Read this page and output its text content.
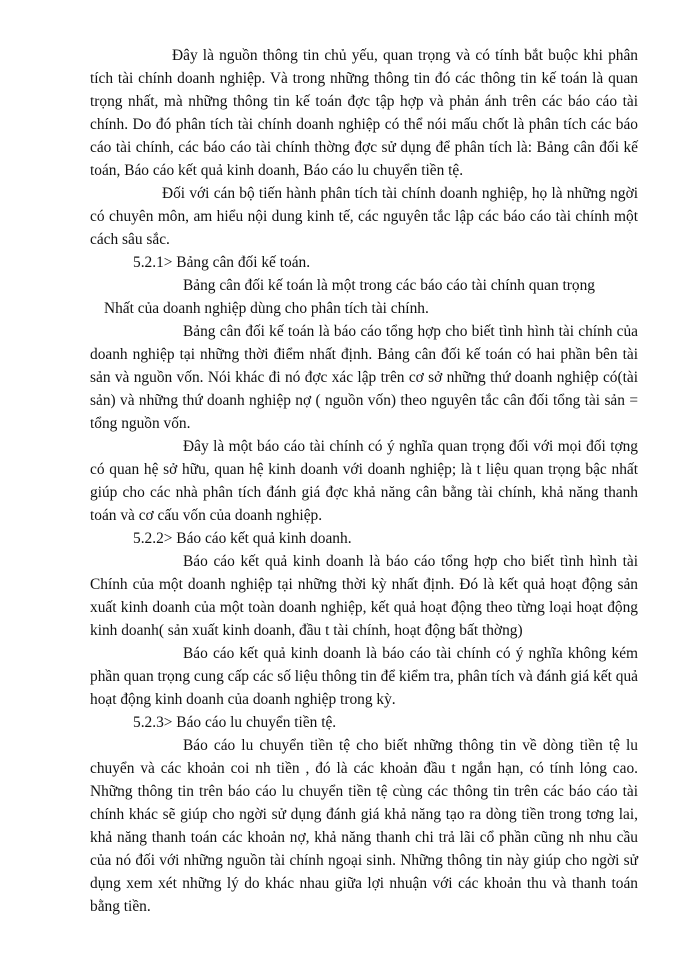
Đây là nguồn thông tin chủ yếu, quan trọng và có tính bắt buộc khi phân tích tài chính doanh nghiệp. Và trong những thông tin đó các thông tin kế toán là quan trọng nhất, mà những thông tin kế toán đợc tập hợp và phản ánh trên các báo cáo tài chính. Do đó phân tích tài chính doanh nghiệp có thể nói mấu chốt là phân tích các báo cáo tài chính, các báo cáo tài chính thờng đợc sử dụng để phân tích là: Bảng cân đối kế toán, Báo cáo kết quả kinh doanh, Báo cáo lu chuyển tiền tệ.

Đối với cán bộ tiến hành phân tích tài chính doanh nghiệp, họ là những ngời có chuyên môn, am hiểu nội dung kinh tế, các nguyên tắc lập các báo cáo tài chính một cách sâu sắc.

5.2.1> Bảng cân đối kế toán.

Bảng cân đối kế toán là một trong các báo cáo tài chính quan trọng

Nhất của doanh nghiệp dùng cho phân tích tài chính.

Bảng cân đối kế toán là báo cáo tổng hợp cho biết tình hình tài chính của doanh nghiệp tại những thời điểm nhất định. Bảng cân đối kế toán có hai phần bên tài sản và nguồn vốn. Nói khác đi nó đợc xác lập trên cơ sở những thứ doanh nghiệp có(tài sản) và những thứ doanh nghiệp nợ ( nguồn vốn) theo nguyên tắc cân đối tổng tài sản = tổng nguồn vốn.

Đây là một báo cáo tài chính có ý nghĩa quan trọng đối với mọi đối tợng có quan hệ sở hữu, quan hệ kinh doanh với doanh nghiệp; là t liệu quan trọng bậc nhất giúp cho các nhà phân tích đánh giá đợc khả năng cân bằng tài chính, khả năng thanh toán và cơ cấu vốn của doanh nghiệp.

5.2.2> Báo cáo kết quả kinh doanh.

Báo cáo kết quả kinh doanh là báo cáo tổng hợp cho biết tình hình tài Chính của một doanh nghiệp tại những thời kỳ nhất định. Đó là kết quả hoạt động sản xuất kinh doanh của một toàn doanh nghiệp, kết quả hoạt động theo từng loại hoạt động kinh doanh( sản xuất kinh doanh, đầu t tài chính, hoạt động bất thờng)

Báo cáo kết quả kinh doanh là báo cáo tài chính có ý nghĩa không kém phần quan trọng cung cấp các số liệu thông tin để kiểm tra, phân tích và đánh giá kết quả hoạt động kinh doanh của doanh nghiệp trong kỳ.

5.2.3> Báo cáo lu chuyển tiền tệ.

Báo cáo lu chuyển tiền tệ cho biết những thông tin về dòng tiền tệ lu chuyển và các khoản coi nh tiền , đó là các khoản đầu t ngắn hạn, có tính lỏng cao. Những thông tin trên báo cáo lu chuyển tiền tệ cùng các thông tin trên các báo cáo tài chính khác sẽ giúp cho ngời sử dụng đánh giá khả năng tạo ra dòng tiền trong tơng lai, khả năng thanh toán các khoản nợ, khả năng thanh chi trả lãi cổ phần cũng nh nhu cầu của nó đối với những nguồn tài chính ngoại sinh. Những thông tin này giúp cho ngời sử dụng xem xét những lý do khác nhau giữa lợi nhuận với các khoản thu và thanh toán bằng tiền.
